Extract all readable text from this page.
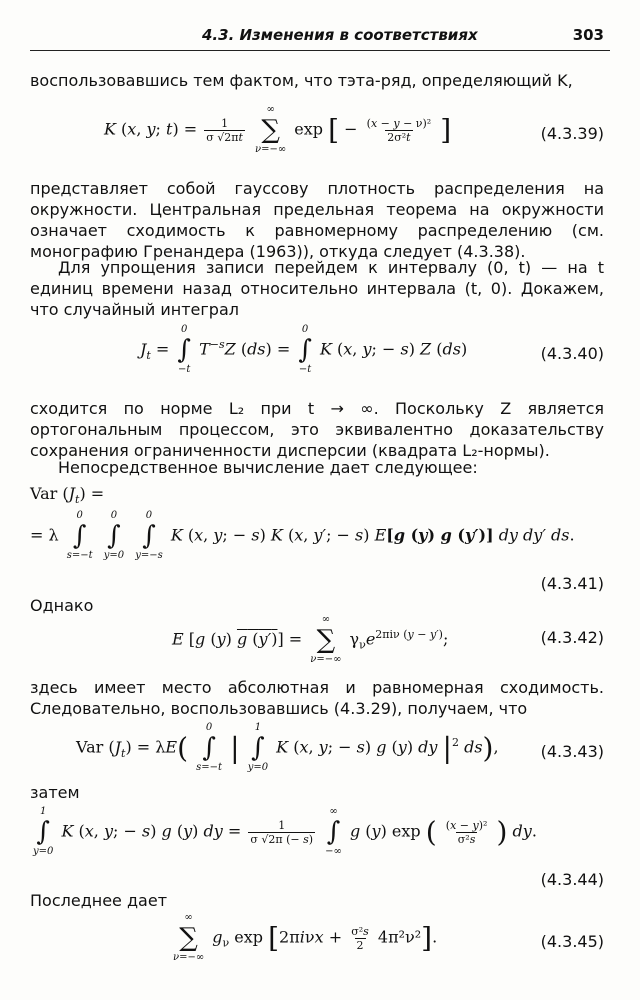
4.3. Изменения в соответствиях	303
воспользовавшись тем фактом, что тэта-ряд, определяющий K,
K (x, y; $t) = \frac{1}{\sigma √2\pi t}$

∞
∑
ν=−∞
exp [ − $\frac{\text{(x − y − ν)²}}{\text{2σ²t}}$ ]	(4.3.39)
представляет собой гауссову плотность распределения на окружности. Центральная предельная теорема на окружности означает сходимость к равномерному распределению (см. монографию Гренандера (1963)), откуда следует (4.3.38).
Для упрощения записи перейдем к интервалу (0, t) — на t единиц времени назад относительно интервала (t, 0). Докажем, что случайный интеграл
$J_t$ =
0
∫
−t
$T^{-s}Z$ (ds) =
0
∫
−t
K (x, y; − s) Z (ds)	(4.3.40)
сходится по норме L₂ при t → ∞. Поскольку Z является ортогональным процессом, это эквивалентно доказательству сохранения ограниченности дисперсии (квадрата L₂-нормы).
Непосредственное вычисление дает следующее:
Var $(J_t)$ =
= λ
0
∫
s=−t

0
∫
y=0

0
∫
y=−s
K (x, y; − s) K (x, y′; − s) E[g (y) g (y′)] dy dy′ ds.
(4.3.41)
Однако
E [g (y) g (y′)] =
∞
∑
ν=−∞
$\gamma_\nu e^{2\pi i\nu (y - y')}$;	(4.3.42)
здесь имеет место абсолютная и равномерная сходимость. Следовательно, воспользовавшись (4.3.29), получаем, что
Var $(J_t) = \lambda E$(
0
∫
s=−t
|
1
∫
y=0
K (x, y; − s) g (y) dy $|^2$ ds),	(4.3.43)
затем
1
∫
y=0
K (x, y; − s) g (y) dy = $\frac{1}{\sigma √2\pi (- s)}$

∞
∫
−∞
g (y) exp ( $\frac{\text{(x − y)²}}{\text{σ²s}}$ ) dy.
(4.3.44)
Последнее дает
∞
∑
ν=−∞
$g_\nu$ $\exp [2\pi i\nu x + \frac{\text{σ²s}}{2} 4\pi^2\nu^2]$.	(4.3.45)
